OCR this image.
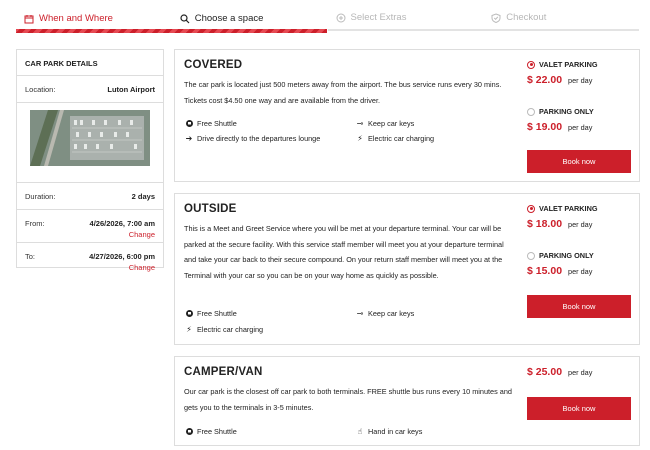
When and Where	Choose a space	Select Extras	Checkout
CAR PARK DETAILS
Location:	Luton Airport
Duration:	2 days
From:	4/26/2026, 7:00 am
Change
To:	4/27/2026, 6:00 pm
Change
COVERED

The car park is located just 500 meters away from the airport. The bus service runs every 30 mins. Tickets cost $4.50 one way and are available from the driver.

Free Shuttle	⊸ Keep car keys
➔ Drive directly to the departures lounge	⚡ Electric car charging
VALET PARKING
$ 22.00 per day
PARKING ONLY
$ 19.00 per day
Book now
OUTSIDE

This is a Meet and Greet Service where you will be met at your departure terminal. Your car will be parked at the secure facility. With this service staff member will meet you at your departure terminal and take your car back to their secure compound. On your return staff member will meet you at the Terminal with your car so you can be on your way home as quickly as possible.

Free Shuttle	⊸ Keep car keys
⚡ Electric car charging
VALET PARKING
$ 18.00 per day
PARKING ONLY
$ 15.00 per day
Book now
CAMPER/VAN

Our car park is the closest off car park to both terminals. FREE shuttle bus runs every 10 minutes and gets you to the terminals in 3-5 minutes.

Free Shuttle	☝ Hand in car keys
$ 25.00 per day
Book now
